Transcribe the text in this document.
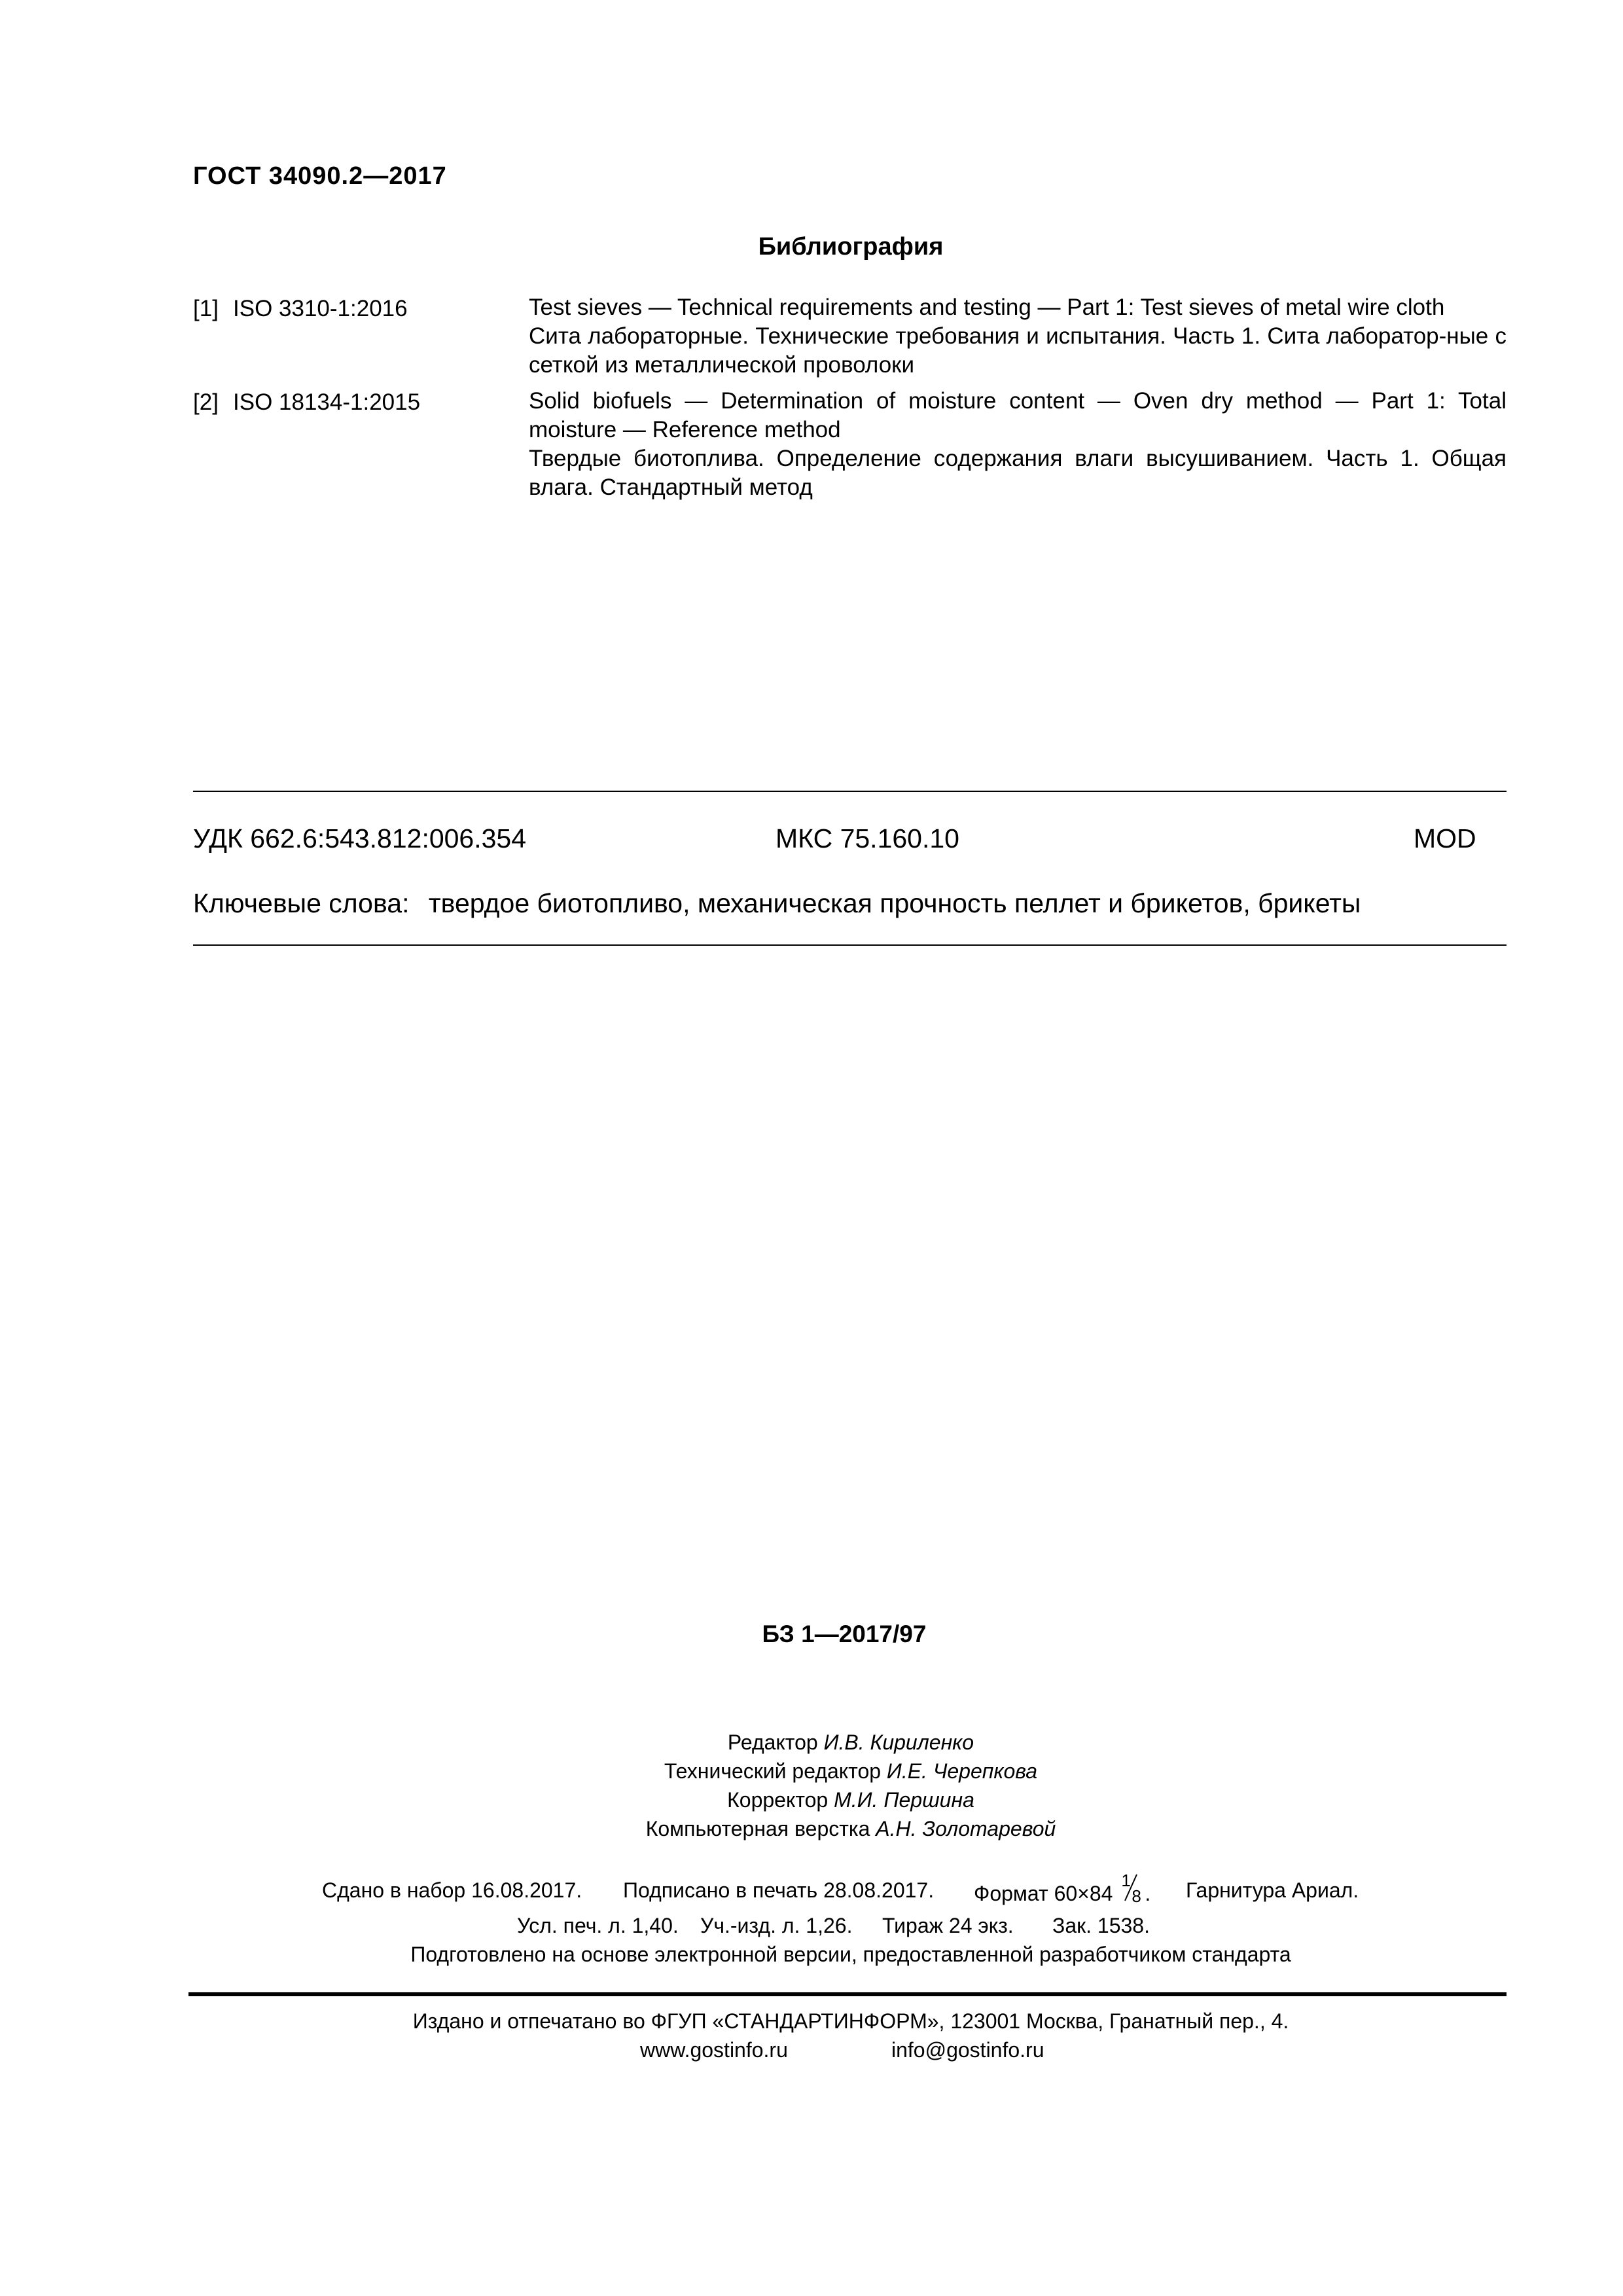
ГОСТ 34090.2—2017
Библиография
[1] ISO 3310-1:2016	Test sieves — Technical requirements and testing — Part 1: Test sieves of metal wire cloth
Сита лабораторные. Технические требования и испытания. Часть 1. Сита лаборатор-ные с сеткой из металлической проволоки
[2] ISO 18134-1:2015	Solid biofuels — Determination of moisture content — Oven dry method — Part 1: Total moisture — Reference method
Твердые биотоплива. Определение содержания влаги высушиванием. Часть 1. Общая влага. Стандартный метод
УДК 662.6:543.812:006.354	МКС 75.160.10	MOD
Ключевые слова: твердое биотопливо, механическая прочность пеллет и брикетов, брикеты
БЗ 1—2017/97
Редактор И.В. Кириленко
Технический редактор И.Е. Черепкова
Корректор М.И. Першина
Компьютерная верстка А.Н. Золотаревой
Сдано в набор 16.08.2017. Подписано в печать 28.08.2017. Формат 60×84
1
8 . Гарнитура Ариал.
Усл. печ. л. 1,40. Уч.-изд. л. 1,26. Тираж 24 экз. Зак. 1538.
Подготовлено на основе электронной версии, предоставленной разработчиком стандарта
Издано и отпечатано во ФГУП «СТАНДАРТИНФОРМ», 123001 Москва, Гранатный пер., 4.
www.gostinfo.ru	info@gostinfo.ru
